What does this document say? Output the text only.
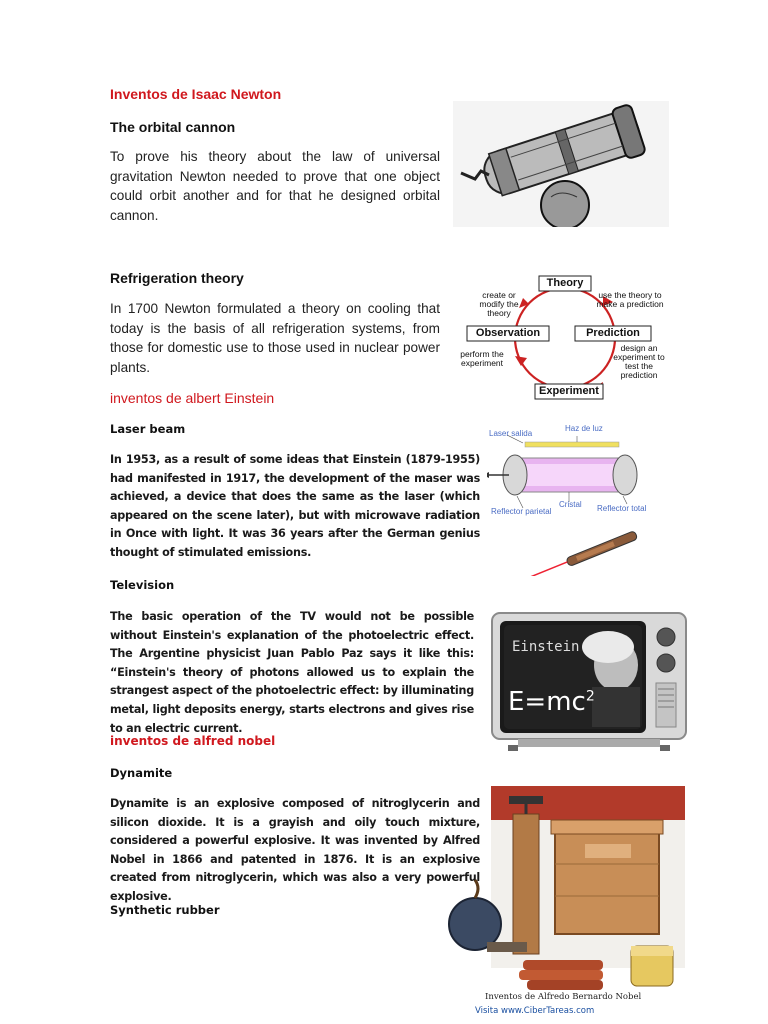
Inventos de Isaac Newton
The orbital cannon
To prove his theory about the law of universal gravitation Newton needed to prove that one object could orbit another and for that he designed orbital cannon.
Refrigeration theory
In 1700 Newton formulated a theory on cooling that today is the basis of all refrigeration systems, from those for domestic use to those used in nuclear power plants.
Theory
Observation	Prediction
Experiment
create or modify the theory
use the theory to make a prediction
perform the experiment
design an experiment to test the prediction
inventos de albert Einstein
Laser beam
In 1953, as a result of some ideas that Einstein (1879-1955) had manifested in 1917, the development of the maser was achieved, a device that does the same as the laser (which appeared on the scene later), but with microwave radiation in Once with light. It was 36 years after the German genius thought of stimulated emissions.
Laser salida
Haz de luz
Cristal
Reflector parietal	Reflector total
Television
The basic operation of the TV would not be possible without Einstein's explanation of the photoelectric effect. The Argentine physicist Juan Pablo Paz says it like this: “Einstein's theory of photons allowed us to explain the strangest aspect of the photoelectric effect: by illuminating metal, light deposits energy, starts electrons and gives rise to an electric current.
Einstein
$E=mc^2$
inventos de alfred nobel
Dynamite
Dynamite is an explosive composed of nitroglycerin and silicon dioxide. It is a grayish and oily touch mixture, considered a powerful explosive. It was invented by Alfred Nobel in 1866 and patented in 1876. It is an explosive created from nitroglycerin, which was also a very powerful explosive.
Synthetic rubber
Inventos de Alfredo Bernardo Nobel
Visita www.CiberTareas.com
